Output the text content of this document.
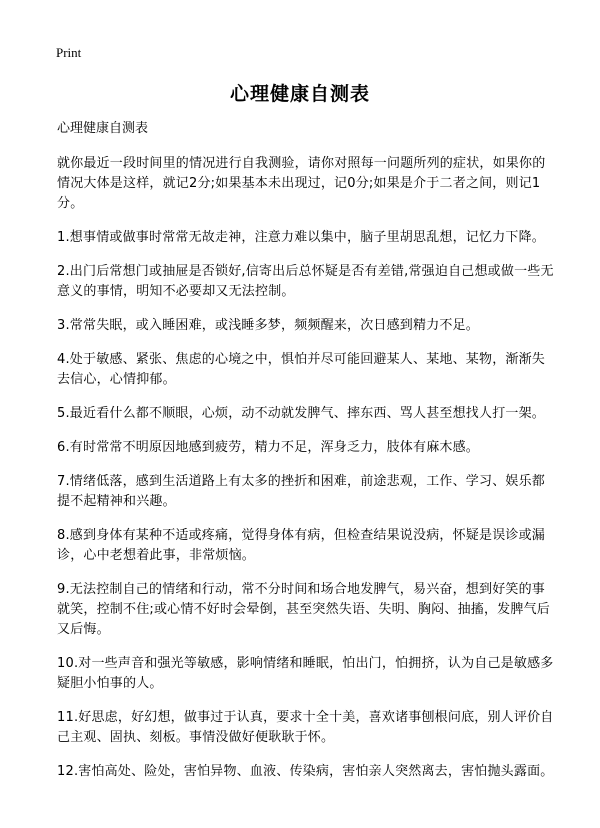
Print
心理健康自测表

心理健康自测表

就你最近一段时间里的情况进行自我测验，请你对照每一问题所列的症状，如果你的情况大体是这样，就记2分;如果基本未出现过，记0分;如果是介于二者之间，则记1分。

1.想事情或做事时常常无故走神，注意力难以集中，脑子里胡思乱想，记忆力下降。
2.出门后常想门或抽屉是否锁好,信寄出后总怀疑是否有差错,常强迫自己想或做一些无意义的事情，明知不必要却又无法控制。
3.常常失眠，或入睡困难，或浅睡多梦，频频醒来，次日感到精力不足。
4.处于敏感、紧张、焦虑的心境之中，惧怕并尽可能回避某人、某地、某物，渐渐失去信心，心情抑郁。
5.最近看什么都不顺眼，心烦，动不动就发脾气、摔东西、骂人甚至想找人打一架。
6.有时常常不明原因地感到疲劳，精力不足，浑身乏力，肢体有麻木感。
7.情绪低落，感到生活道路上有太多的挫折和困难，前途悲观，工作、学习、娱乐都提不起精神和兴趣。
8.感到身体有某种不适或疼痛，觉得身体有病，但检查结果说没病，怀疑是误诊或漏诊，心中老想着此事，非常烦恼。
9.无法控制自己的情绪和行动，常不分时间和场合地发脾气，易兴奋，想到好笑的事就笑，控制不住;或心情不好时会晕倒，甚至突然失语、失明、胸闷、抽搐，发脾气后又后悔。
10.对一些声音和强光等敏感，影响情绪和睡眠，怕出门，怕拥挤，认为自己是敏感多疑胆小怕事的人。
11.好思虑，好幻想，做事过于认真，要求十全十美，喜欢诸事刨根问底，别人评价自己主观、固执、刻板。事情没做好便耿耿于怀。
12.害怕高处、险处，害怕异物、血液、传染病，害怕亲人突然离去，害怕抛头露面。
